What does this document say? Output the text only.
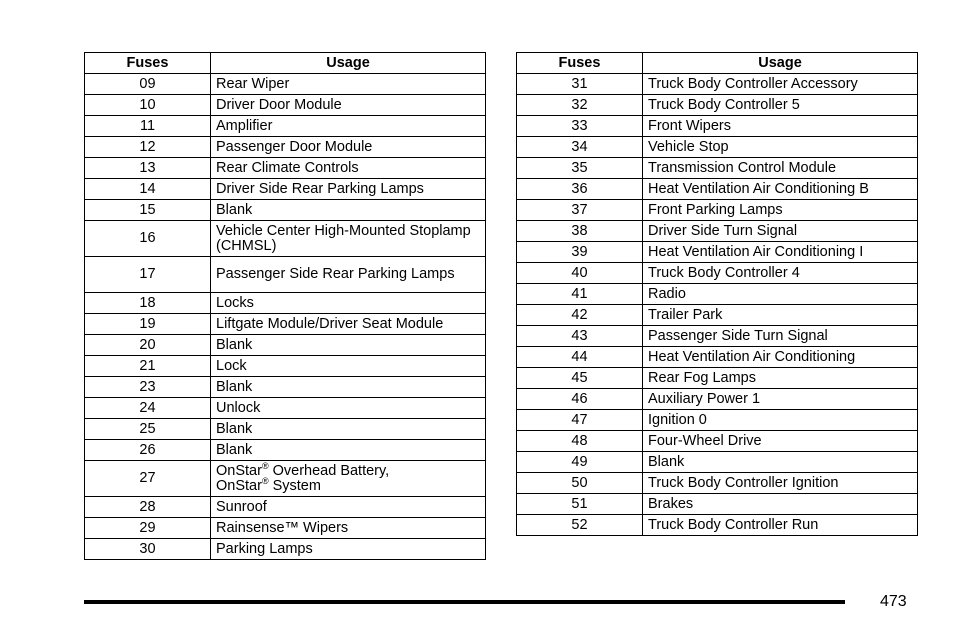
Fuses	Usage
09	Rear Wiper
10	Driver Door Module
11	Amplifier
12	Passenger Door Module
13	Rear Climate Controls
14	Driver Side Rear Parking Lamps
15	Blank
16	Vehicle Center High-Mounted Stoplamp (CHMSL)
17	Passenger Side Rear Parking Lamps
18	Locks
19	Liftgate Module/Driver Seat Module
20	Blank
21	Lock
23	Blank
24	Unlock
25	Blank
26	Blank
27	OnStar® Overhead Battery,
OnStar® System
28	Sunroof
29	Rainsense™ Wipers
30	Parking Lamps
Fuses	Usage
31	Truck Body Controller Accessory
32	Truck Body Controller 5
33	Front Wipers
34	Vehicle Stop
35	Transmission Control Module
36	Heat Ventilation Air Conditioning B
37	Front Parking Lamps
38	Driver Side Turn Signal
39	Heat Ventilation Air Conditioning I
40	Truck Body Controller 4
41	Radio
42	Trailer Park
43	Passenger Side Turn Signal
44	Heat Ventilation Air Conditioning
45	Rear Fog Lamps
46	Auxiliary Power 1
47	Ignition 0
48	Four-Wheel Drive
49	Blank
50	Truck Body Controller Ignition
51	Brakes
52	Truck Body Controller Run
473
